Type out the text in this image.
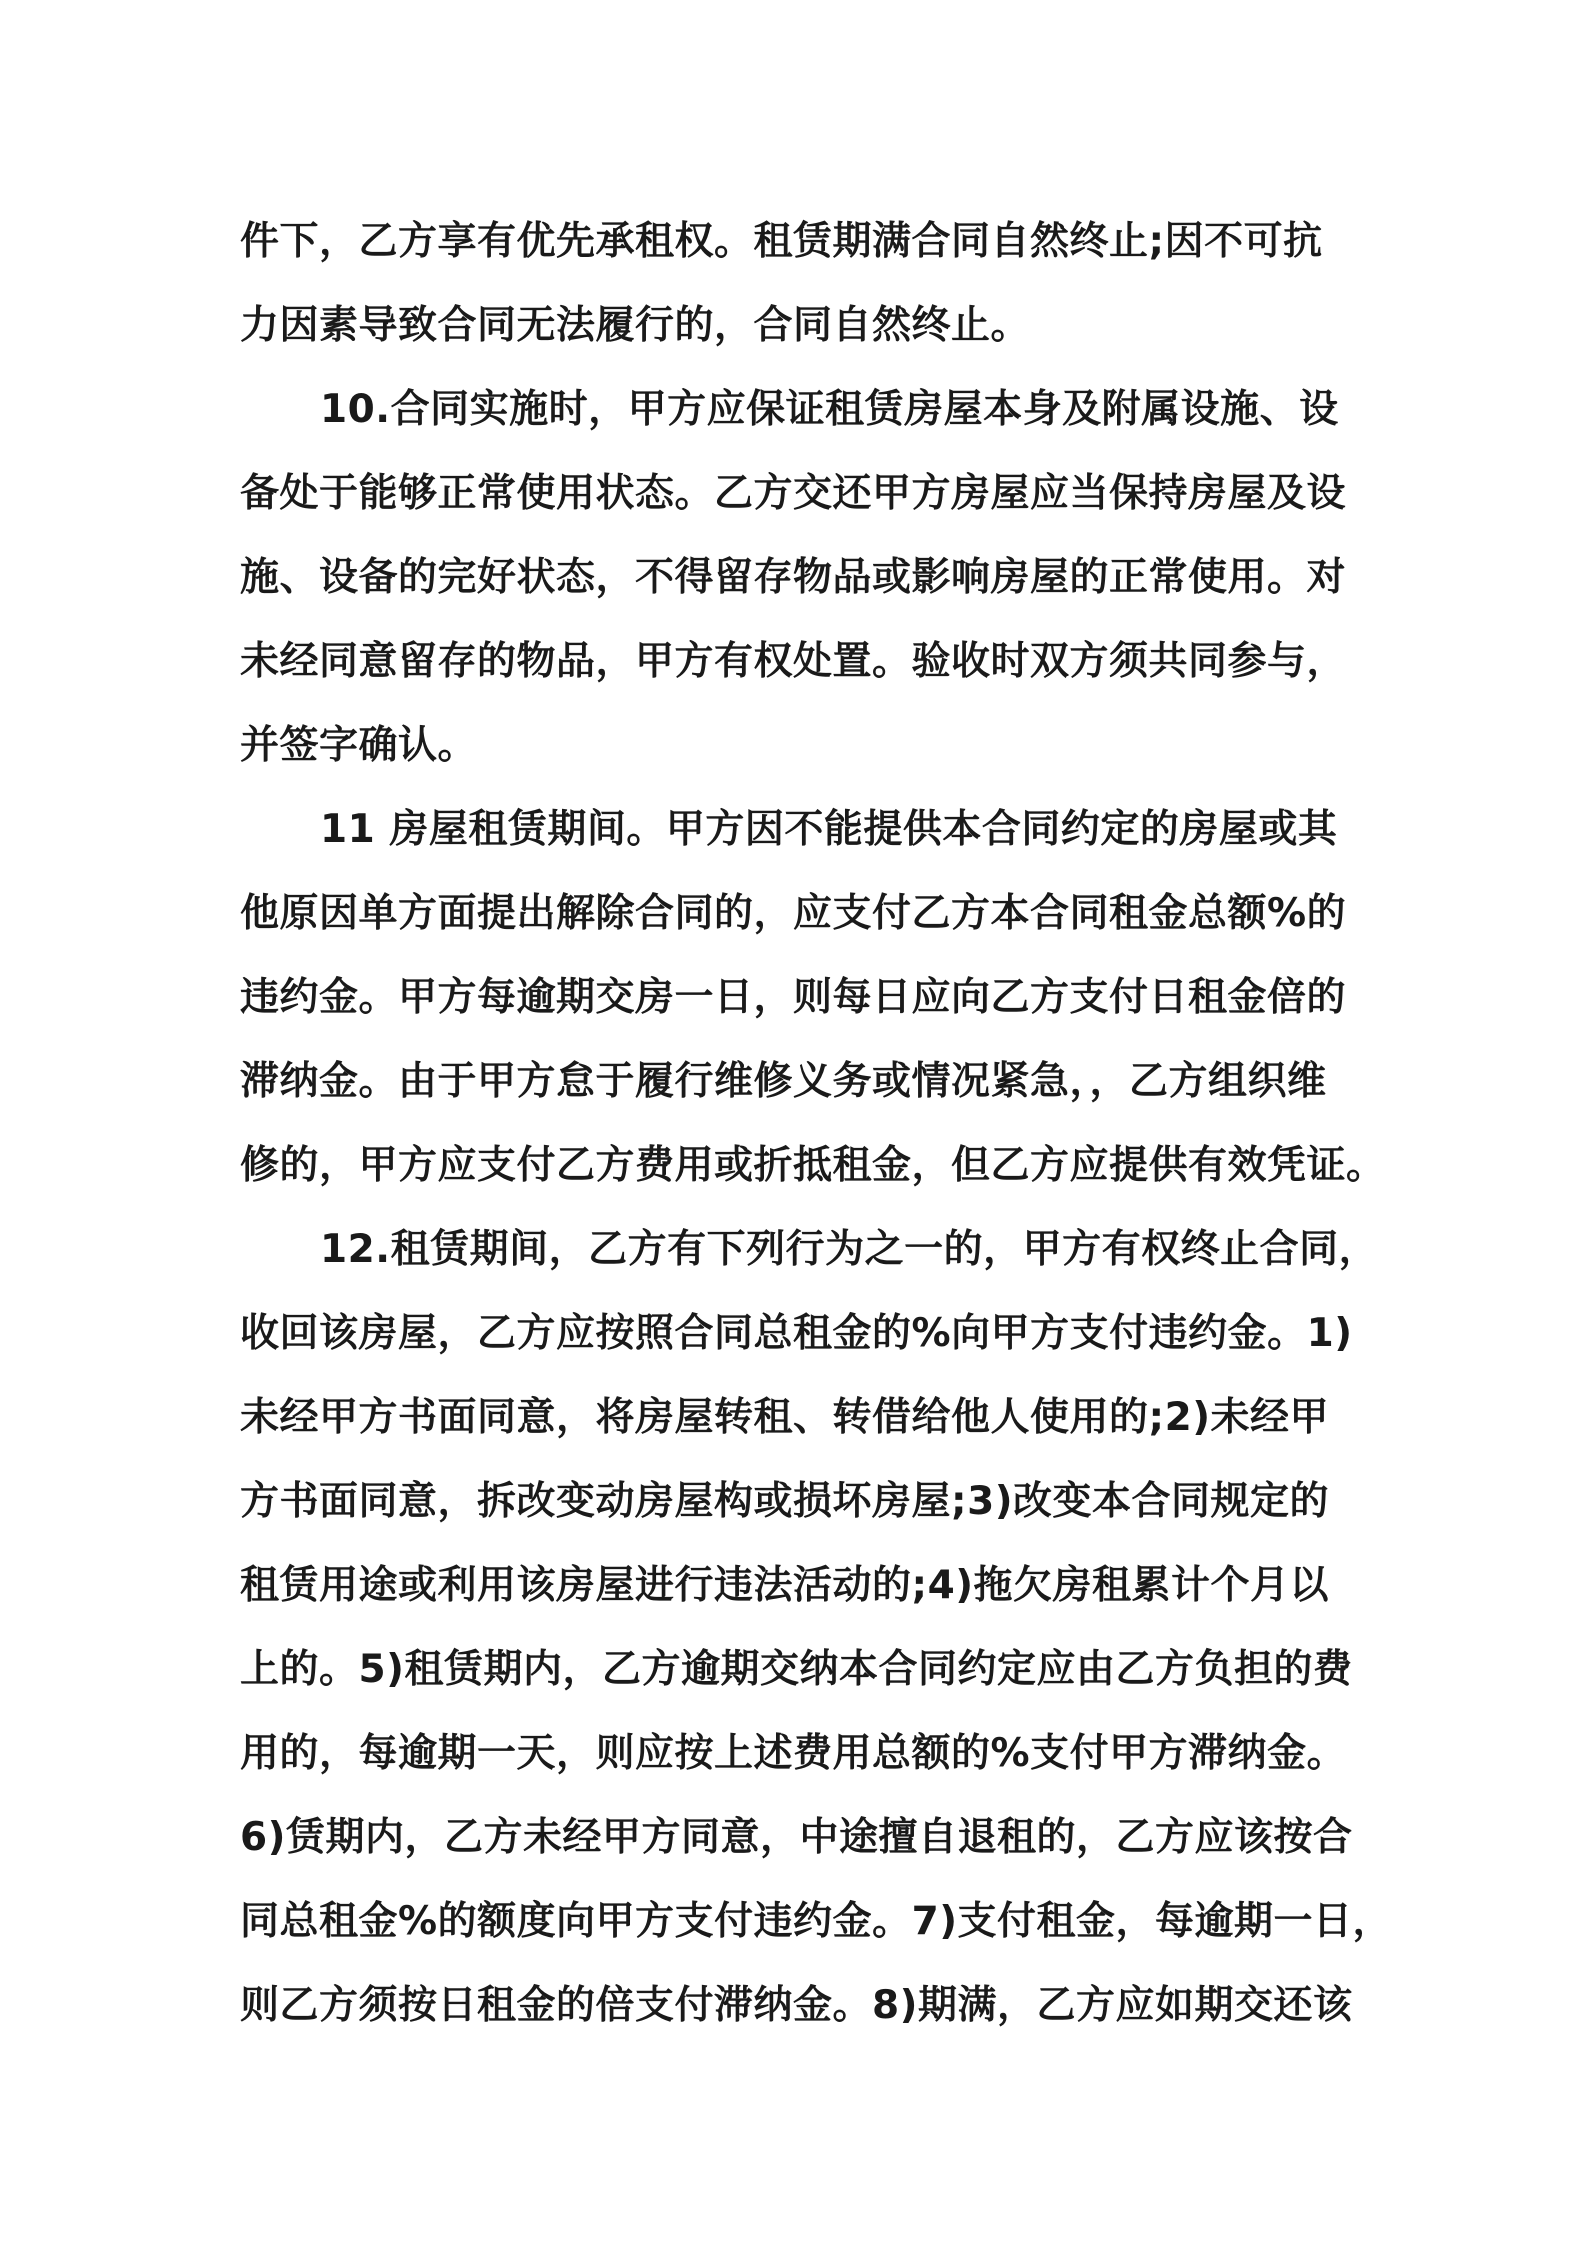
件下，乙方享有优先承租权。租赁期满合同自然终止;因不可抗
力因素导致合同无法履行的，合同自然终止。
10.合同实施时，甲方应保证租赁房屋本身及附属设施、设
备处于能够正常使用状态。乙方交还甲方房屋应当保持房屋及设
施、设备的完好状态，不得留存物品或影响房屋的正常使用。对
未经同意留存的物品，甲方有权处置。验收时双方须共同参与，
并签字确认。
11 房屋租赁期间。甲方因不能提供本合同约定的房屋或其
他原因单方面提出解除合同的，应支付乙方本合同租金总额%的
违约金。甲方每逾期交房一日，则每日应向乙方支付日租金倍的
滞纳金。由于甲方怠于履行维修义务或情况紧急，，乙方组织维
修的，甲方应支付乙方费用或折抵租金，但乙方应提供有效凭证。
12.租赁期间，乙方有下列行为之一的，甲方有权终止合同，
收回该房屋，乙方应按照合同总租金的%向甲方支付违约金。1)
未经甲方书面同意，将房屋转租、转借给他人使用的;2)未经甲
方书面同意，拆改变动房屋构或损坏房屋;3)改变本合同规定的
租赁用途或利用该房屋进行违法活动的;4)拖欠房租累计个月以
上的。5)租赁期内，乙方逾期交纳本合同约定应由乙方负担的费
用的，每逾期一天，则应按上述费用总额的%支付甲方滞纳金。
6)赁期内，乙方未经甲方同意，中途擅自退租的，乙方应该按合
同总租金%的额度向甲方支付违约金。7)支付租金，每逾期一日，
则乙方须按日租金的倍支付滞纳金。8)期满，乙方应如期交还该
